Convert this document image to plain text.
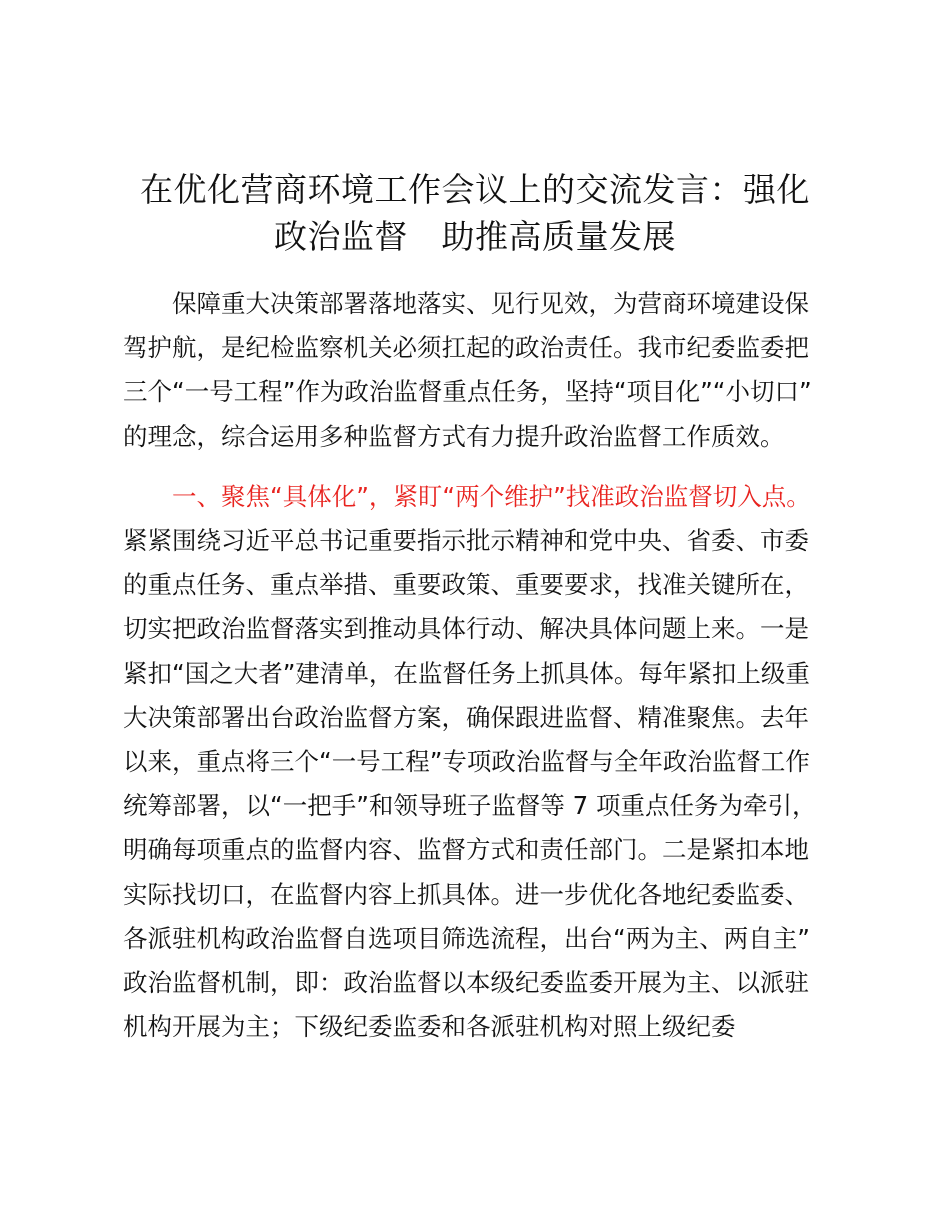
在优化营商环境工作会议上的交流发言：强化
政治监督　助推高质量发展

保障重大决策部署落地落实、见行见效，为营商环境建设保
驾护航，是纪检监察机关必须扛起的政治责任。我市纪委监委把
三个“一号工程”作为政治监督重点任务，坚持“项目化”“小切口”
的理念，综合运用多种监督方式有力提升政治监督工作质效。

一、聚焦“具体化”，紧盯“两个维护”找准政治监督切入点。
紧紧围绕习近平总书记重要指示批示精神和党中央、省委、市委
的重点任务、重点举措、重要政策、重要要求，找准关键所在，
切实把政治监督落实到推动具体行动、解决具体问题上来。一是
紧扣“国之大者”建清单，在监督任务上抓具体。每年紧扣上级重
大决策部署出台政治监督方案，确保跟进监督、精准聚焦。去年
以来，重点将三个“一号工程”专项政治监督与全年政治监督工作
统筹部署，以“一把手”和领导班子监督等 7 项重点任务为牵引，
明确每项重点的监督内容、监督方式和责任部门。二是紧扣本地
实际找切口，在监督内容上抓具体。进一步优化各地纪委监委、
各派驻机构政治监督自选项目筛选流程，出台“两为主、两自主”
政治监督机制，即：政治监督以本级纪委监委开展为主、以派驻
机构开展为主；下级纪委监委和各派驻机构对照上级纪委
